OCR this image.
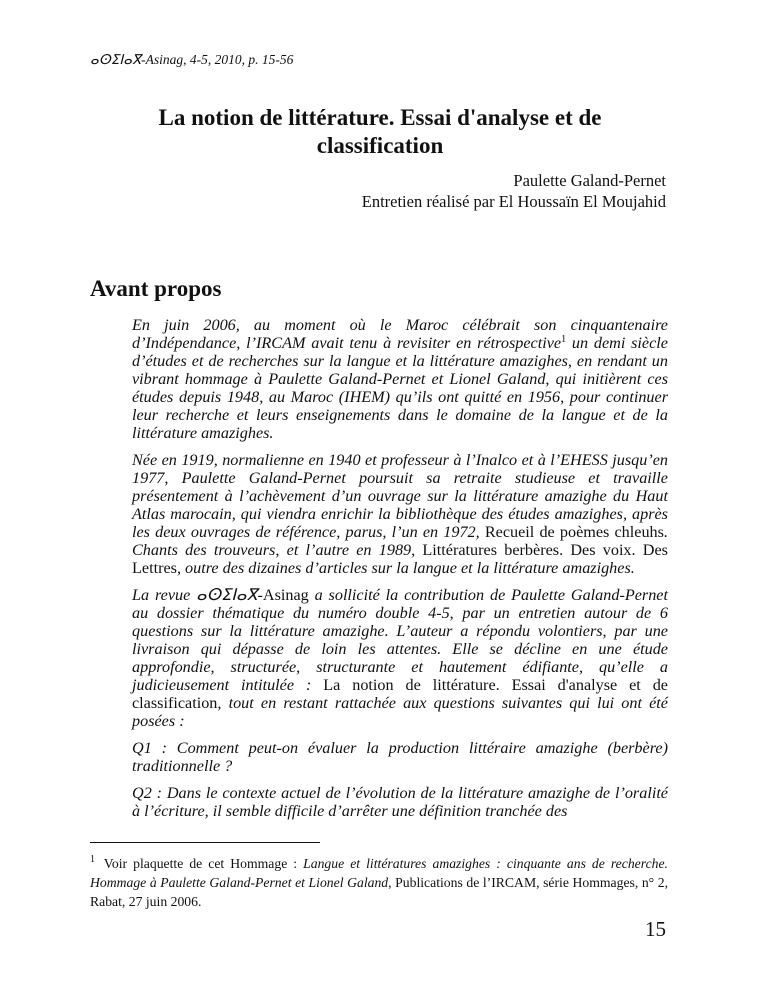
ⴰⵙⵉⵏⴰⴳ-Asinag, 4-5, 2010, p. 15-56
La notion de littérature. Essai d'analyse et de classification
Paulette Galand-Pernet
Entretien réalisé par El Houssaïn El Moujahid
Avant propos

En juin 2006, au moment où le Maroc célébrait son cinquantenaire d’Indépendance, l’IRCAM avait tenu à revisiter en rétrospective$^1$ un demi siècle d’études et de recherches sur la langue et la littérature amazighes, en rendant un vibrant hommage à Paulette Galand-Pernet et Lionel Galand, qui initièrent ces études depuis 1948, au Maroc (IHEM) qu’ils ont quitté en 1956, pour continuer leur recherche et leurs enseignements dans le domaine de la langue et de la littérature amazighes.

Née en 1919, normalienne en 1940 et professeur à l’Inalco et à l’EHESS jusqu’en 1977, Paulette Galand-Pernet poursuit sa retraite studieuse et travaille présentement à l’achèvement d’un ouvrage sur la littérature amazighe du Haut Atlas marocain, qui viendra enrichir la bibliothèque des études amazighes, après les deux ouvrages de référence, parus, l’un en 1972, Recueil de poèmes chleuhs. Chants des trouveurs, et l’autre en 1989, Littératures berbères. Des voix. Des Lettres, outre des dizaines d’articles sur la langue et la littérature amazighes.

La revue ⴰⵙⵉⵏⴰⴳ-Asinag a sollicité la contribution de Paulette Galand-Pernet au dossier thématique du numéro double 4-5, par un entretien autour de 6 questions sur la littérature amazighe. L’auteur a répondu volontiers, par une livraison qui dépasse de loin les attentes. Elle se décline en une étude approfondie, structurée, structurante et hautement édifiante, qu’elle a judicieusement intitulée : La notion de littérature. Essai d'analyse et de classification, tout en restant rattachée aux questions suivantes qui lui ont été posées :

Q1 : Comment peut-on évaluer la production littéraire amazighe (berbère) traditionnelle ?

Q2 : Dans le contexte actuel de l’évolution de la littérature amazighe de l’oralité à l’écriture, il semble difficile d’arrêter une définition tranchée des

$^1$ Voir plaquette de cet Hommage : Langue et littératures amazighes : cinquante ans de recherche. Hommage à Paulette Galand-Pernet et Lionel Galand, Publications de l’IRCAM, série Hommages, n° 2, Rabat, 27 juin 2006.
15
